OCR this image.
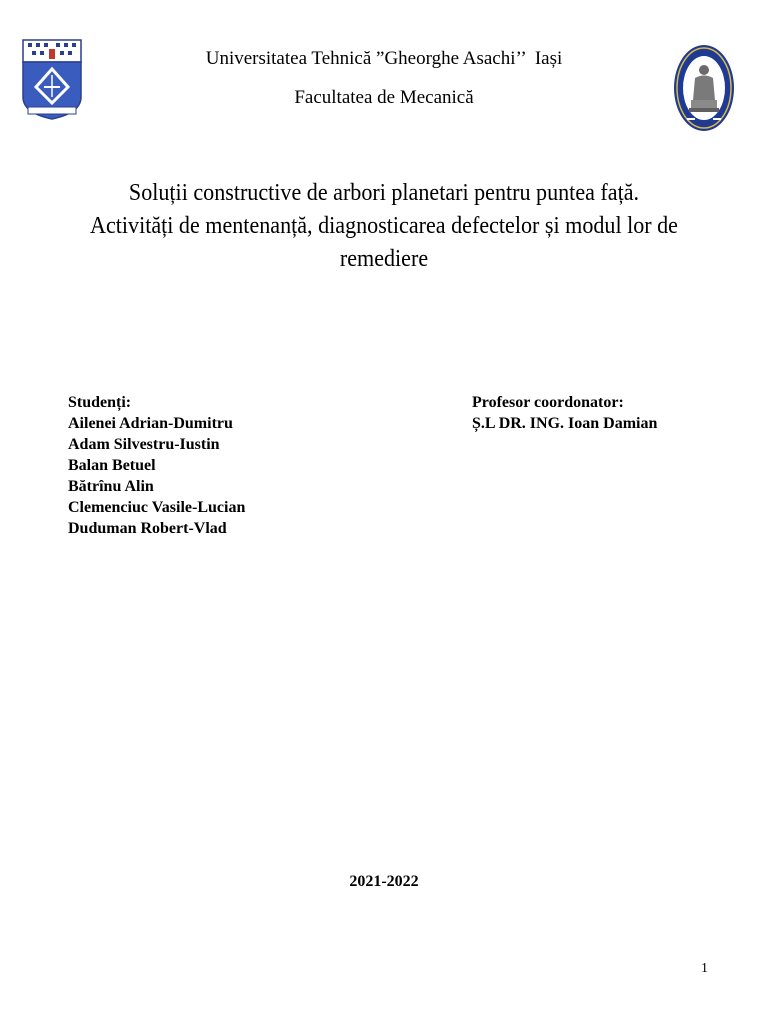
Universitatea Tehnică ”Gheorghe Asachi’’  Iași
Facultatea de Mecanică
Soluții constructive de arbori planetari pentru puntea față.
Activități de mentenanță, diagnosticarea defectelor și modul lor de
remediere
Studenți:
Ailenei Adrian-Dumitru
Adam Silvestru-Iustin
Balan Betuel
Bătrînu Alin
Clemenciuc Vasile-Lucian
Duduman Robert-Vlad
Profesor coordonator:
Ș.L DR. ING. Ioan Damian
2021-2022
1
